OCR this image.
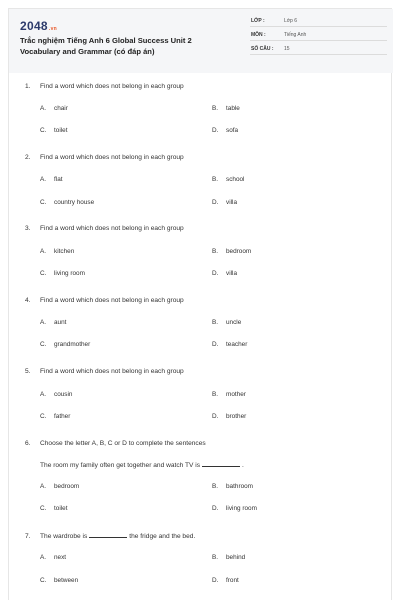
2048.vn
Trắc nghiệm Tiếng Anh 6 Global Success Unit 2 Vocabulary and Grammar (có đáp án)
LỚP :	Lớp 6
MÔN :	Tiếng Anh
SỐ CÂU : 15
1. Find a word which does not belong in each group
A. chair	B. table
C. toilet	D. sofa
2. Find a word which does not belong in each group
A. flat	B. school
C. country house	D. villa
3. Find a word which does not belong in each group
A. kitchen	B. bedroom
C. living room	D. villa
4. Find a word which does not belong in each group
A. aunt	B. uncle
C. grandmother	D. teacher
5. Find a word which does not belong in each group
A. cousin	B. mother
C. father	D. brother
6. Choose the letter A, B, C or D to complete the sentences
The room my family often get together and watch TV is	.
A. bedroom	B. bathroom
C. toilet	D. living room
7. The wardrobe is	the fridge and the bed.
A. next	B. behind
C. between	D. front
